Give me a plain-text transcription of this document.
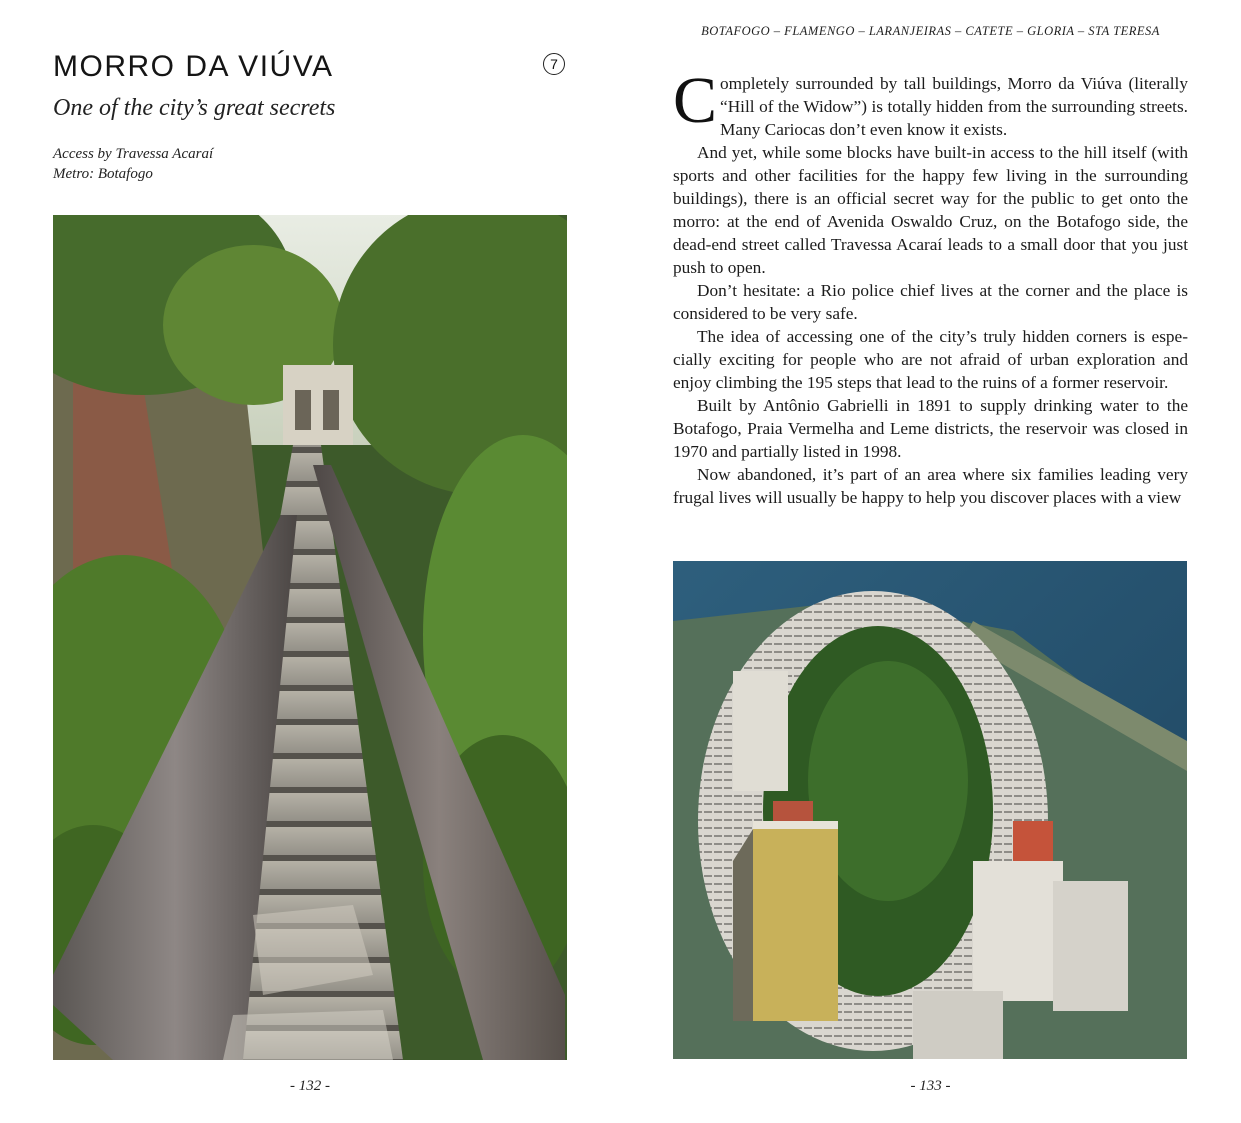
MORRO DA VIÚVA	7
One of the city’s great secrets
Access by Travessa Acaraí
Metro: Botafogo
- 132 -
BOTAFOGO – FLAMENGO – LARANJEIRAS – CATETE – GLORIA – STA TERESA

Completely surrounded by tall buildings, Morro da Viúva (literally “Hill of the Widow”) is totally hidden from the surrounding streets. Many Cariocas don’t even know it exists.

And yet, while some blocks have built-in access to the hill itself (with sports and other facilities for the happy few living in the surrounding buildings), there is an official secret way for the public to get onto the morro: at the end of Avenida Oswaldo Cruz, on the Botafogo side, the dead-end street called Travessa Acaraí leads to a small door that you just push to open.

Don’t hesitate: a Rio police chief lives at the corner and the place is considered to be very safe.

The idea of accessing one of the city’s truly hidden corners is especially exciting for people who are not afraid of urban exploration and enjoy climbing the 195 steps that lead to the ruins of a former reservoir.

Built by Antônio Gabrielli in 1891 to supply drinking water to the Botafogo, Praia Vermelha and Leme districts, the reservoir was closed in 1970 and partially listed in 1998.

Now abandoned, it’s part of an area where six families leading very frugal lives will usually be happy to help you discover places with a view

- 133 -
